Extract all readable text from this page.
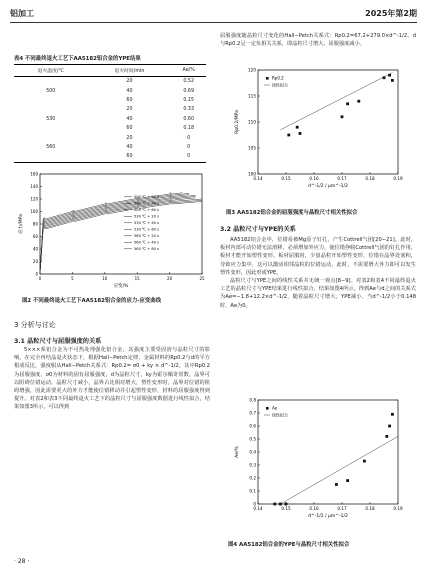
铝加工	2025年第2期
表4 不同最终退火工艺下AA5182铝合金的YPE结果
退火温度/℃	退火时间/min	Ae/%
	20	0.52
500	40	0.69
	60	0.15
	20	0.33
530	40	0.60
	60	0.18
	20	0
560	40	0
	60	0
0
20
40
60
80
100
120
140
160
0	5	10	15	20	25
应力/MPa
应变/%
500 ℃ + 20 s
500 ℃ + 40 s
500 ℃ + 60 s
530 ℃ + 20 s
530 ℃ + 40 s
530 ℃ + 60 s
560 ℃ + 20 s
560 ℃ + 40 s
560 ℃ + 60 s
图2 不同最终退火工艺下AA5182铝合金的应力-应变曲线
3 分析与讨论
3.1 晶粒尺寸与屈服强度的关系

5×××系铝合金为不可热处理强化铝合金，其强度主要受固溶与晶粒尺寸的影响。在完全再结晶退火状态下，根据Hall−Petch定律，金属材料的Rp0.2与d的平方根成反比，强度服从Hall−Petch关系式：Rp0.2= σ0 + ky × d^-1/2，其中Rp0.2为屈服强度，σ0为材料的固有屈服强度，d为晶粒尺寸，ky为霍尔佩奇常数。晶界可以阻碍位错运动，晶粒尺寸减小，晶界占比相对增大，塑性变形时，晶界对位错的阻碍增强，因此需要更大的外力才能使位错移动并引起塑性变形，材料的屈服强度得到提升。对表2和表3不同最终退火工艺下的晶粒尺寸与屈服强度数据进行线性拟合，结果如图3所示，可以得到

屈服强度随晶粒尺寸变化的Hall−Petch关系式：Rp0.2=67.2+279.0×d^-1/2。d与Rp0.2呈一定负相关关系，即晶粒尺寸增大，屈服强度减小。

100
105
110
115
120
0.14	0.15	0.16	0.17	0.18	0.19
Rp0.2/MPa
d^-1/2 / μm^-1/2
Rp0.2
线性拟合
图3 AA5182铝合金的屈服强度与晶粒尺寸相关性拟合
3.2 晶粒尺寸与YPE的关系

AA5182铝合金中，位错易被Mg原子钉扎，产生Cottrell气团[20−21]。此时，板材内部可动位错无法滑移，必须增加外应力，使位错挣脱Cottrell气团的钉扎作用，板材才能开始塑性变形。板材屈服时，少量晶粒开始塑性变形，位错在晶界处塞积，导致应力集中，这可以激活相邻晶粒的位错运动，此时，不需要增大外力即可以发生塑性变形，因此形成YPE。

晶粒尺寸与YPE之间的线性关系并无统一观点[8−9]。对表2和表4不同最终退火工艺的晶粒尺寸与YPE结果进行线性拟合，结果如图4所示。得到Ae与d之间的关系式为Ae=−1.8+12.2×d^-1/2，随着晶粒尺寸增大，YPE减小，当d^-1/2小于0.148时，Ae为0。

0
0.1
0.2
0.3
0.4
0.5
0.6
0.7
0.8
0.14	0.15	0.16	0.17	0.18	0.19
Ae/%
d^-1/2 / μm^-1/2
Ae
线性拟合
图4 AA5182铝合金的YPE与晶粒尺寸相关性拟合
· 28 ·
